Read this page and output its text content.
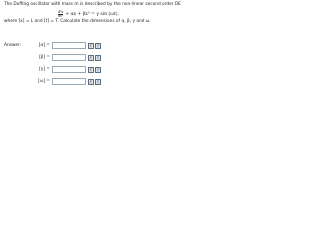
The Duffing oscillator with mass m is described by the non-linear second order DE
$\frac{\text{d²x}}{\text{dt²}} + \alpha x + \beta x^3 = \gamma$ sin (ωt),
where [x] = L and [t] = T. Calculate the dimensions of α, β, γ and ω.
Answer:	[α] =
[β] =
[γ] =
[ω] =
